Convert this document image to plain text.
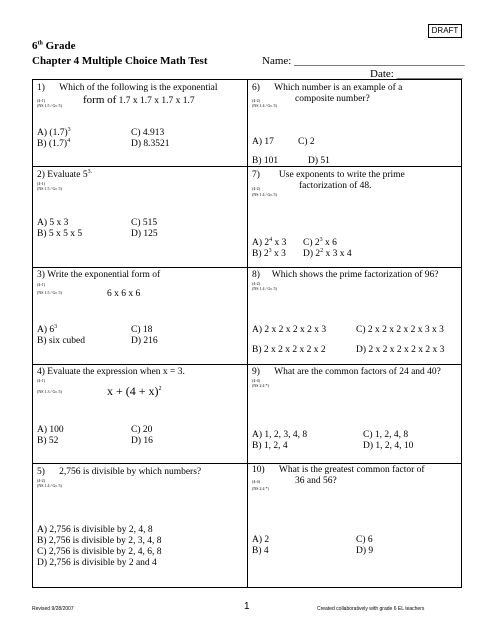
DRAFT
6th Grade
Chapter 4 Multiple Choice Math Test	Name: _______________________________
Date: ____________
1) Which of the following is the exponential
form of 1.7 x 1.7 x 1.7 x 1.7
(4-1)
(NS 1.5 / Gr. 5)
A) $(1.7)^3$
B) $(1.7)^4$
C) 4.913
D) 8.3521
2) Evaluate $5^{3.}$
(4-1)
(NS 1.5 / Gr. 5)
A) 5 x 3
B) 5 x 5 x 5
C) 515
D) 125
3) Write the exponential form of
(4-1)
(NS 1.5 / Gr. 5)	6 x 6 x 6
A) $6^3$
B) six cubed
C) 18
D) 216
4) Evaluate the expression when x = 3.
(4-1)
(NS 1.3 / Gr. 5)	$x + (4 + x)^2$
A) 100
B) 52
C) 20
D) 16
5) 2,756 is divisible by which numbers?
(4-2)
(NS 1.4 / Gr. 5)
A) 2,756 is divisible by 2, 4, 8
B) 2,756 is divisible by 2, 3, 4, 8
C) 2,756 is divisible by 2, 4, 6, 8
D) 2,756 is divisible by 2 and 4
6) Which number is an example of a
composite number?
(4-2)
(NS 1.4 / Gr. 5)
A) 17
B) 101
C) 2
D) 51
7) Use exponents to write the prime
factorization of 48.
(4-2)
(NS 1.4 / Gr. 5)
A) $2^4$ x 3
B) $2^3$ x 3
C) $2^3$ x 6
D) $2^2$ x 3 x 4
8) Which shows the prime factorization of 96?
(4-2)
(NS 1.4 / Gr. 5)
A) 2 x 2 x 2 x 2 x 3
B) 2 x 2 x 2 x 2 x 2
C) 2 x 2 x 2 x 2 x 3 x 3
D) 2 x 2 x 2 x 2 x 2 x 3
9) What are the common factors of 24 and 40?
(4-4)
(NS 2.4 *)
A) 1, 2, 3, 4, 8
B) 1, 2, 4
C) 1, 2, 4, 8
D) 1, 2, 4, 10
10) What is the greatest common factor of
36 and 56?
(4-4)
(NS 2.4 *)
A) 2
B) 4
C) 6
D) 9
Revised 9/28/2007	1	Created collaboratively with grade 6 EL teachers
